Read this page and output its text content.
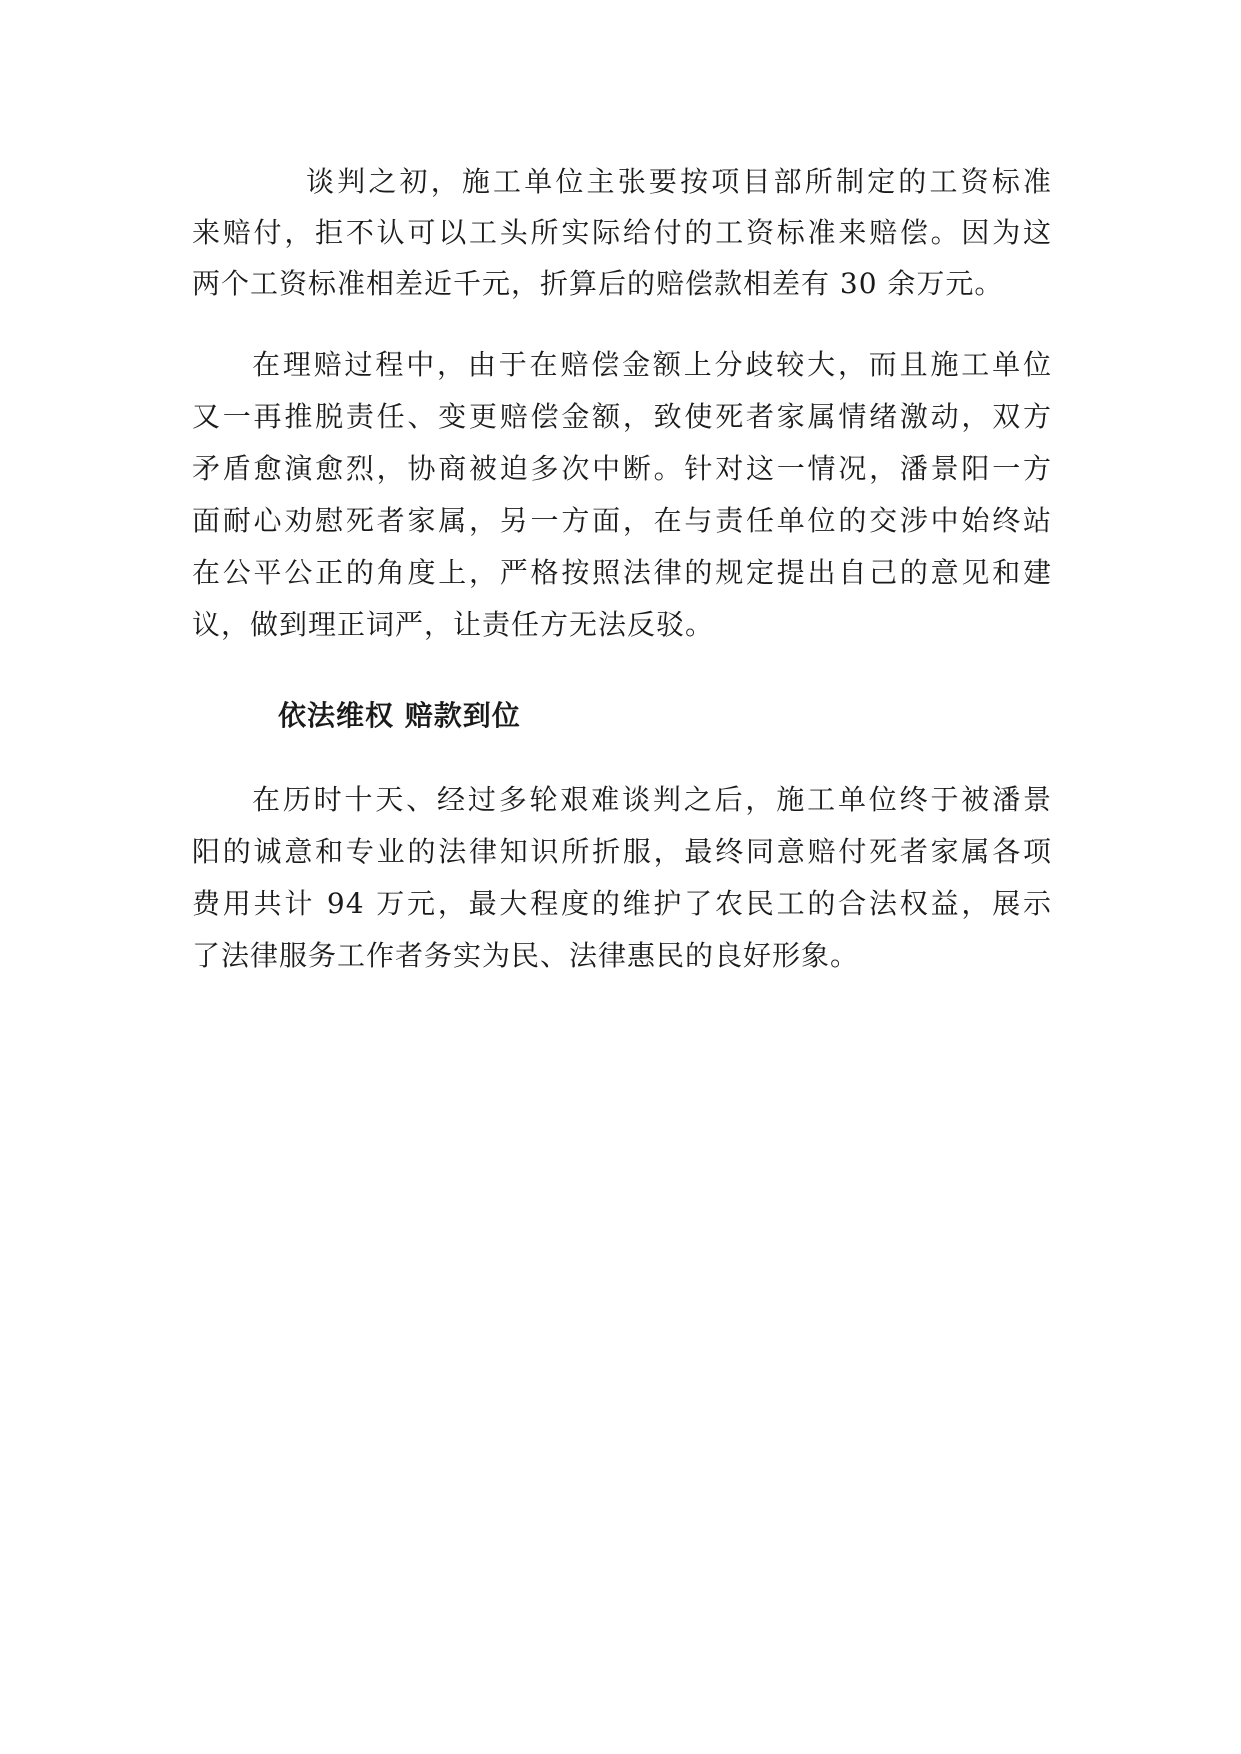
谈判之初，施工单位主张要按项目部所制定的工资标准
来赔付，拒不认可以工头所实际给付的工资标准来赔偿。因为这
两个工资标准相差近千元，折算后的赔偿款相差有 30 余万元。
在理赔过程中，由于在赔偿金额上分歧较大，而且施工单位
又一再推脱责任、变更赔偿金额，致使死者家属情绪激动，双方
矛盾愈演愈烈，协商被迫多次中断。针对这一情况，潘景阳一方
面耐心劝慰死者家属，另一方面，在与责任单位的交涉中始终站
在公平公正的角度上，严格按照法律的规定提出自己的意见和建
议，做到理正词严，让责任方无法反驳。
依法维权 赔款到位
在历时十天、经过多轮艰难谈判之后，施工单位终于被潘景
阳的诚意和专业的法律知识所折服，最终同意赔付死者家属各项
费用共计 94 万元，最大程度的维护了农民工的合法权益，展示
了法律服务工作者务实为民、法律惠民的良好形象。
